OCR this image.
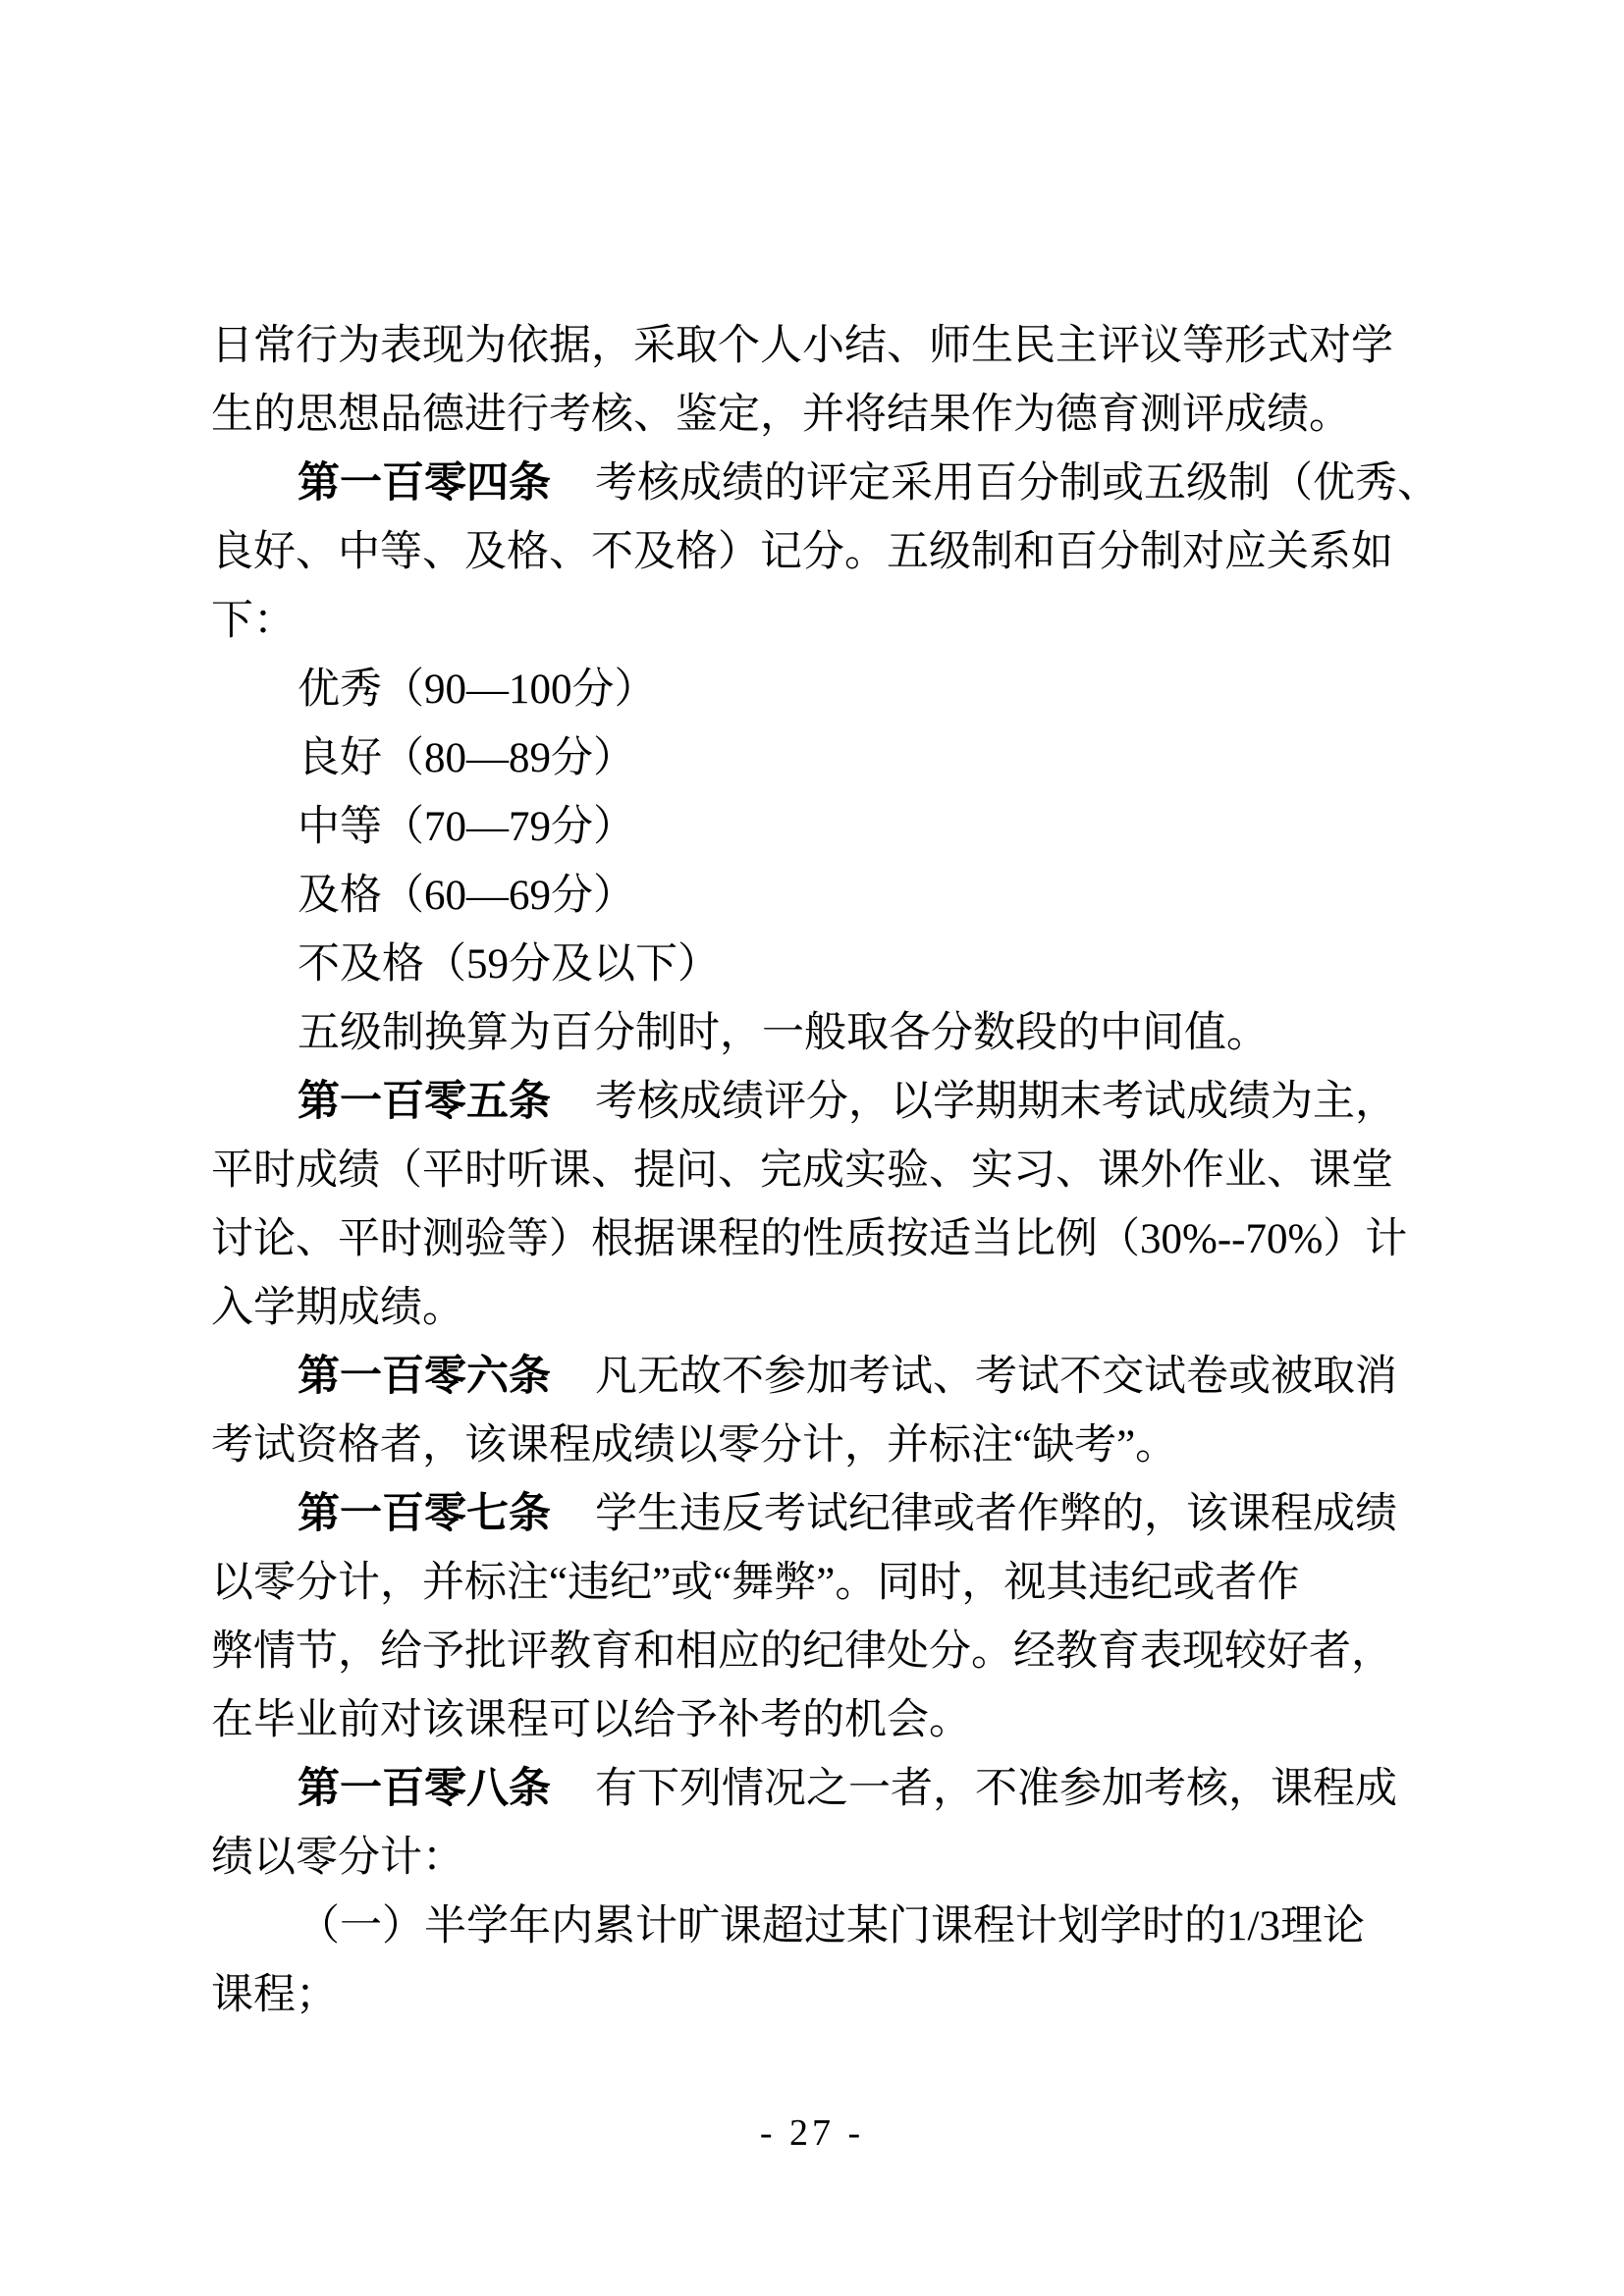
日常行为表现为依据，采取个人小结、师生民主评议等形式对学
生的思想品德进行考核、鉴定，并将结果作为德育测评成绩。
第一百零四条 考核成绩的评定采用百分制或五级制（优秀、
良好、中等、及格、不及格）记分。五级制和百分制对应关系如
下：
优秀（90—100分）
良好（80—89分）
中等（70—79分）
及格（60—69分）
不及格（59分及以下）
五级制换算为百分制时，一般取各分数段的中间值。
第一百零五条 考核成绩评分，以学期期末考试成绩为主，
平时成绩（平时听课、提问、完成实验、实习、课外作业、课堂
讨论、平时测验等）根据课程的性质按适当比例（30%--70%）计
入学期成绩。
第一百零六条 凡无故不参加考试、考试不交试卷或被取消
考试资格者，该课程成绩以零分计，并标注“缺考”。
第一百零七条 学生违反考试纪律或者作弊的，该课程成绩
以零分计，并标注“违纪”或“舞弊”。同时，视其违纪或者作
弊情节，给予批评教育和相应的纪律处分。经教育表现较好者，
在毕业前对该课程可以给予补考的机会。
第一百零八条 有下列情况之一者，不准参加考核，课程成
绩以零分计：
（一）半学年内累计旷课超过某门课程计划学时的1/3理论
课程；
- 27 -
